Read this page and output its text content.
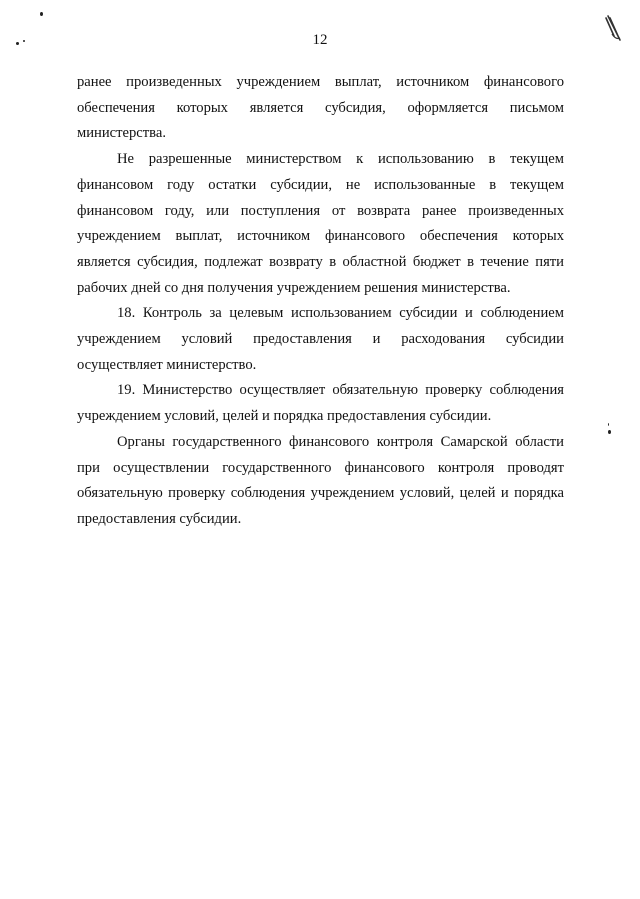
12

ранее произведенных учреждением выплат, источником финансового обеспечения которых является субсидия, оформляется письмом министерства.

Не разрешенные министерством к использованию в текущем финансовом году остатки субсидии, не использованные в текущем финансовом году, или поступления от возврата ранее произведенных учреждением выплат, источником финансового обеспечения которых является субсидия, подлежат возврату в областной бюджет в течение пяти рабочих дней со дня получения учреждением решения министерства.

18. Контроль за целевым использованием субсидии и соблюдением учреждением условий предоставления и расходования субсидии осуществляет министерство.

19. Министерство осуществляет обязательную проверку соблюдения учреждением условий, целей и порядка предоставления субсидии.

Органы государственного финансового контроля Самарской области при осуществлении государственного финансового контроля проводят обязательную проверку соблюдения учреждением условий, целей и порядка предоставления субсидии.
